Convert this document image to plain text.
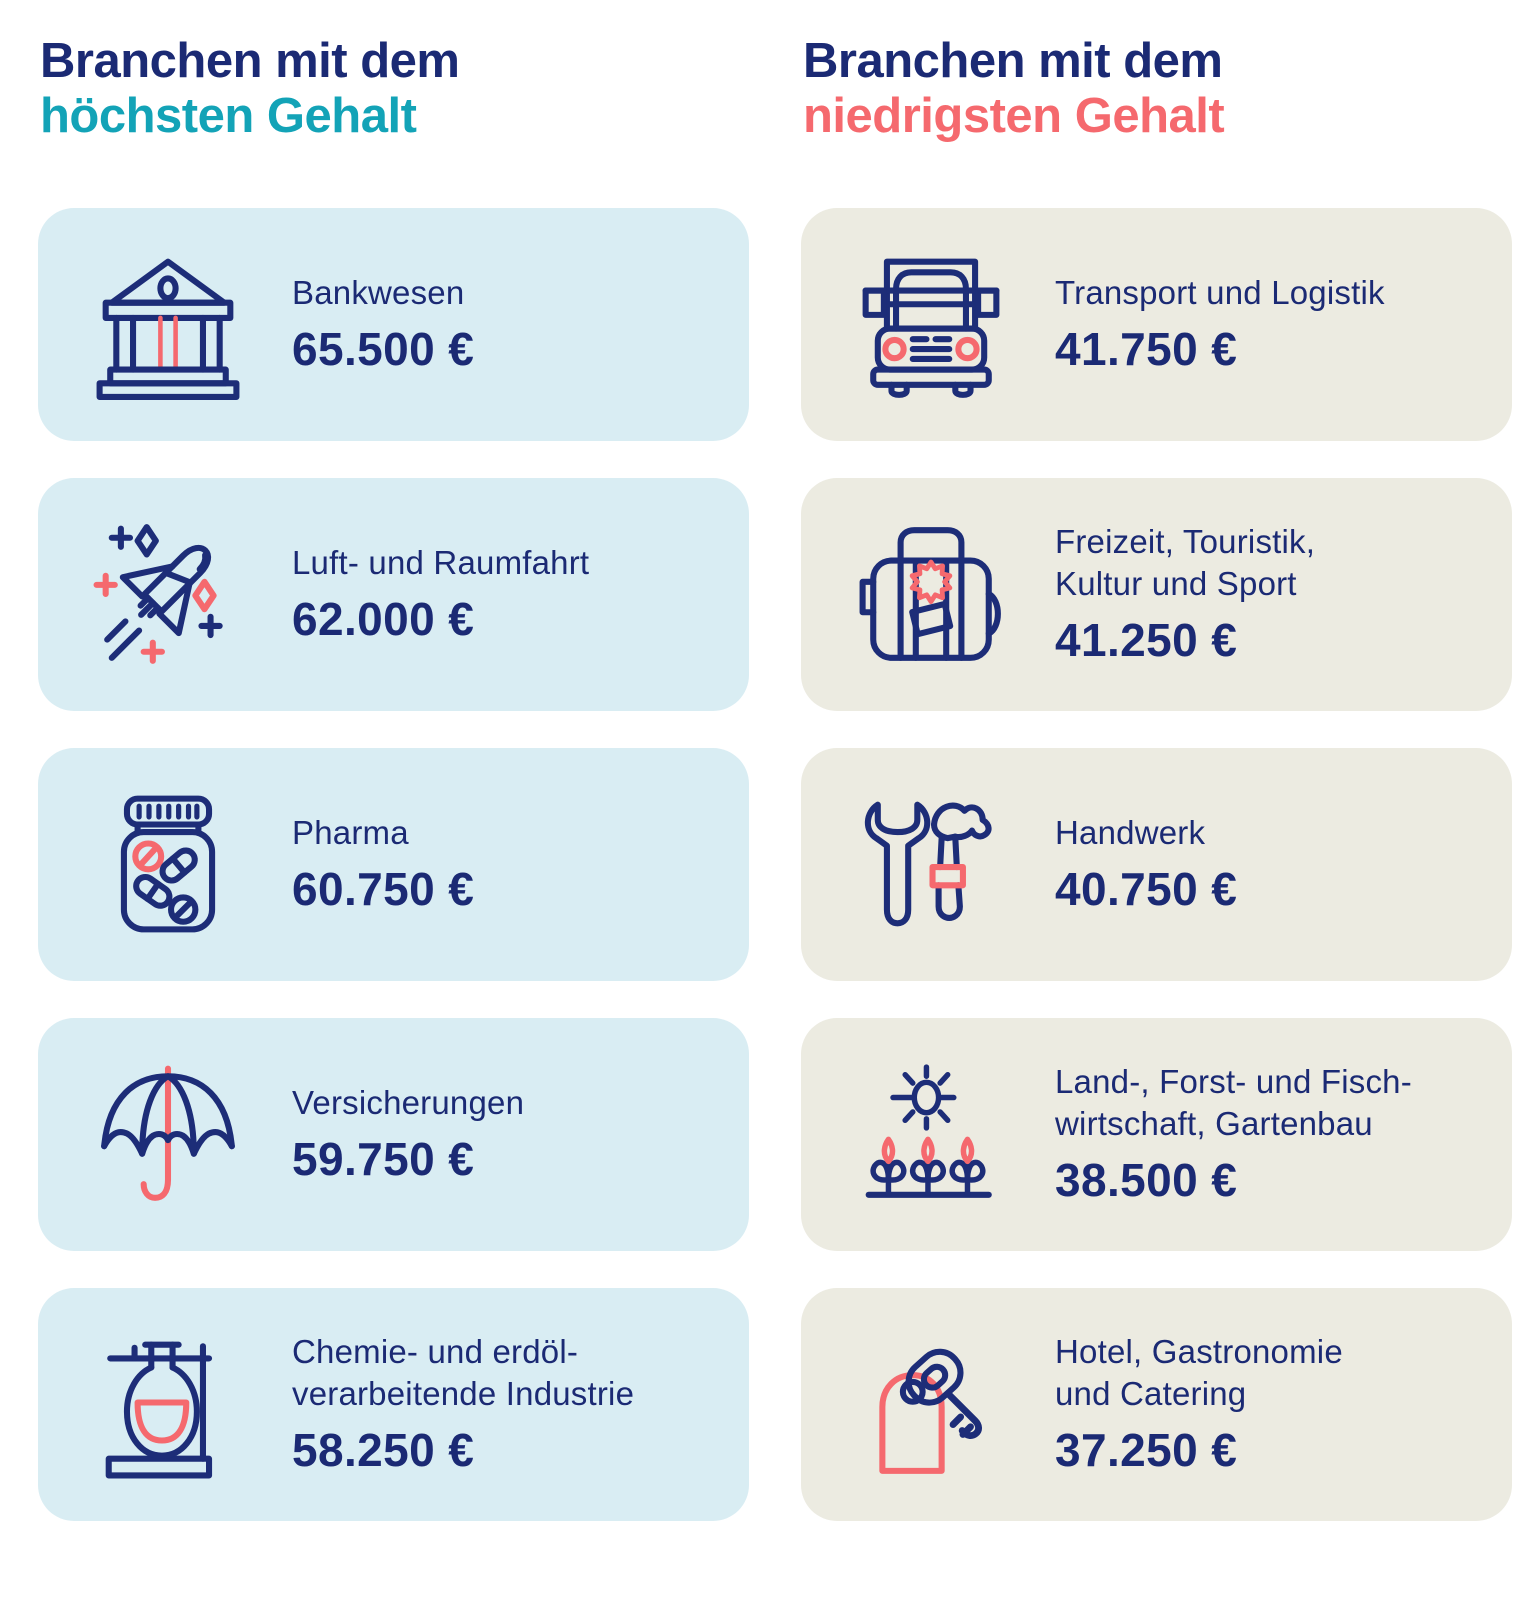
Branchen mit dem
höchsten Gehalt
Bankwesen
65.500 €
Luft- und Raumfahrt
62.000 €
Pharma
60.750 €
Versicherungen
59.750 €
Chemie- und erdöl-
verarbeitende Industrie
58.250 €
Branchen mit dem
niedrigsten Gehalt
Transport und Logistik
41.750 €
Freizeit, Touristik,
Kultur und Sport
41.250 €
Handwerk
40.750 €
Land-, Forst- und Fisch-
wirtschaft, Gartenbau
38.500 €
Hotel, Gastronomie
und Catering
37.250 €
